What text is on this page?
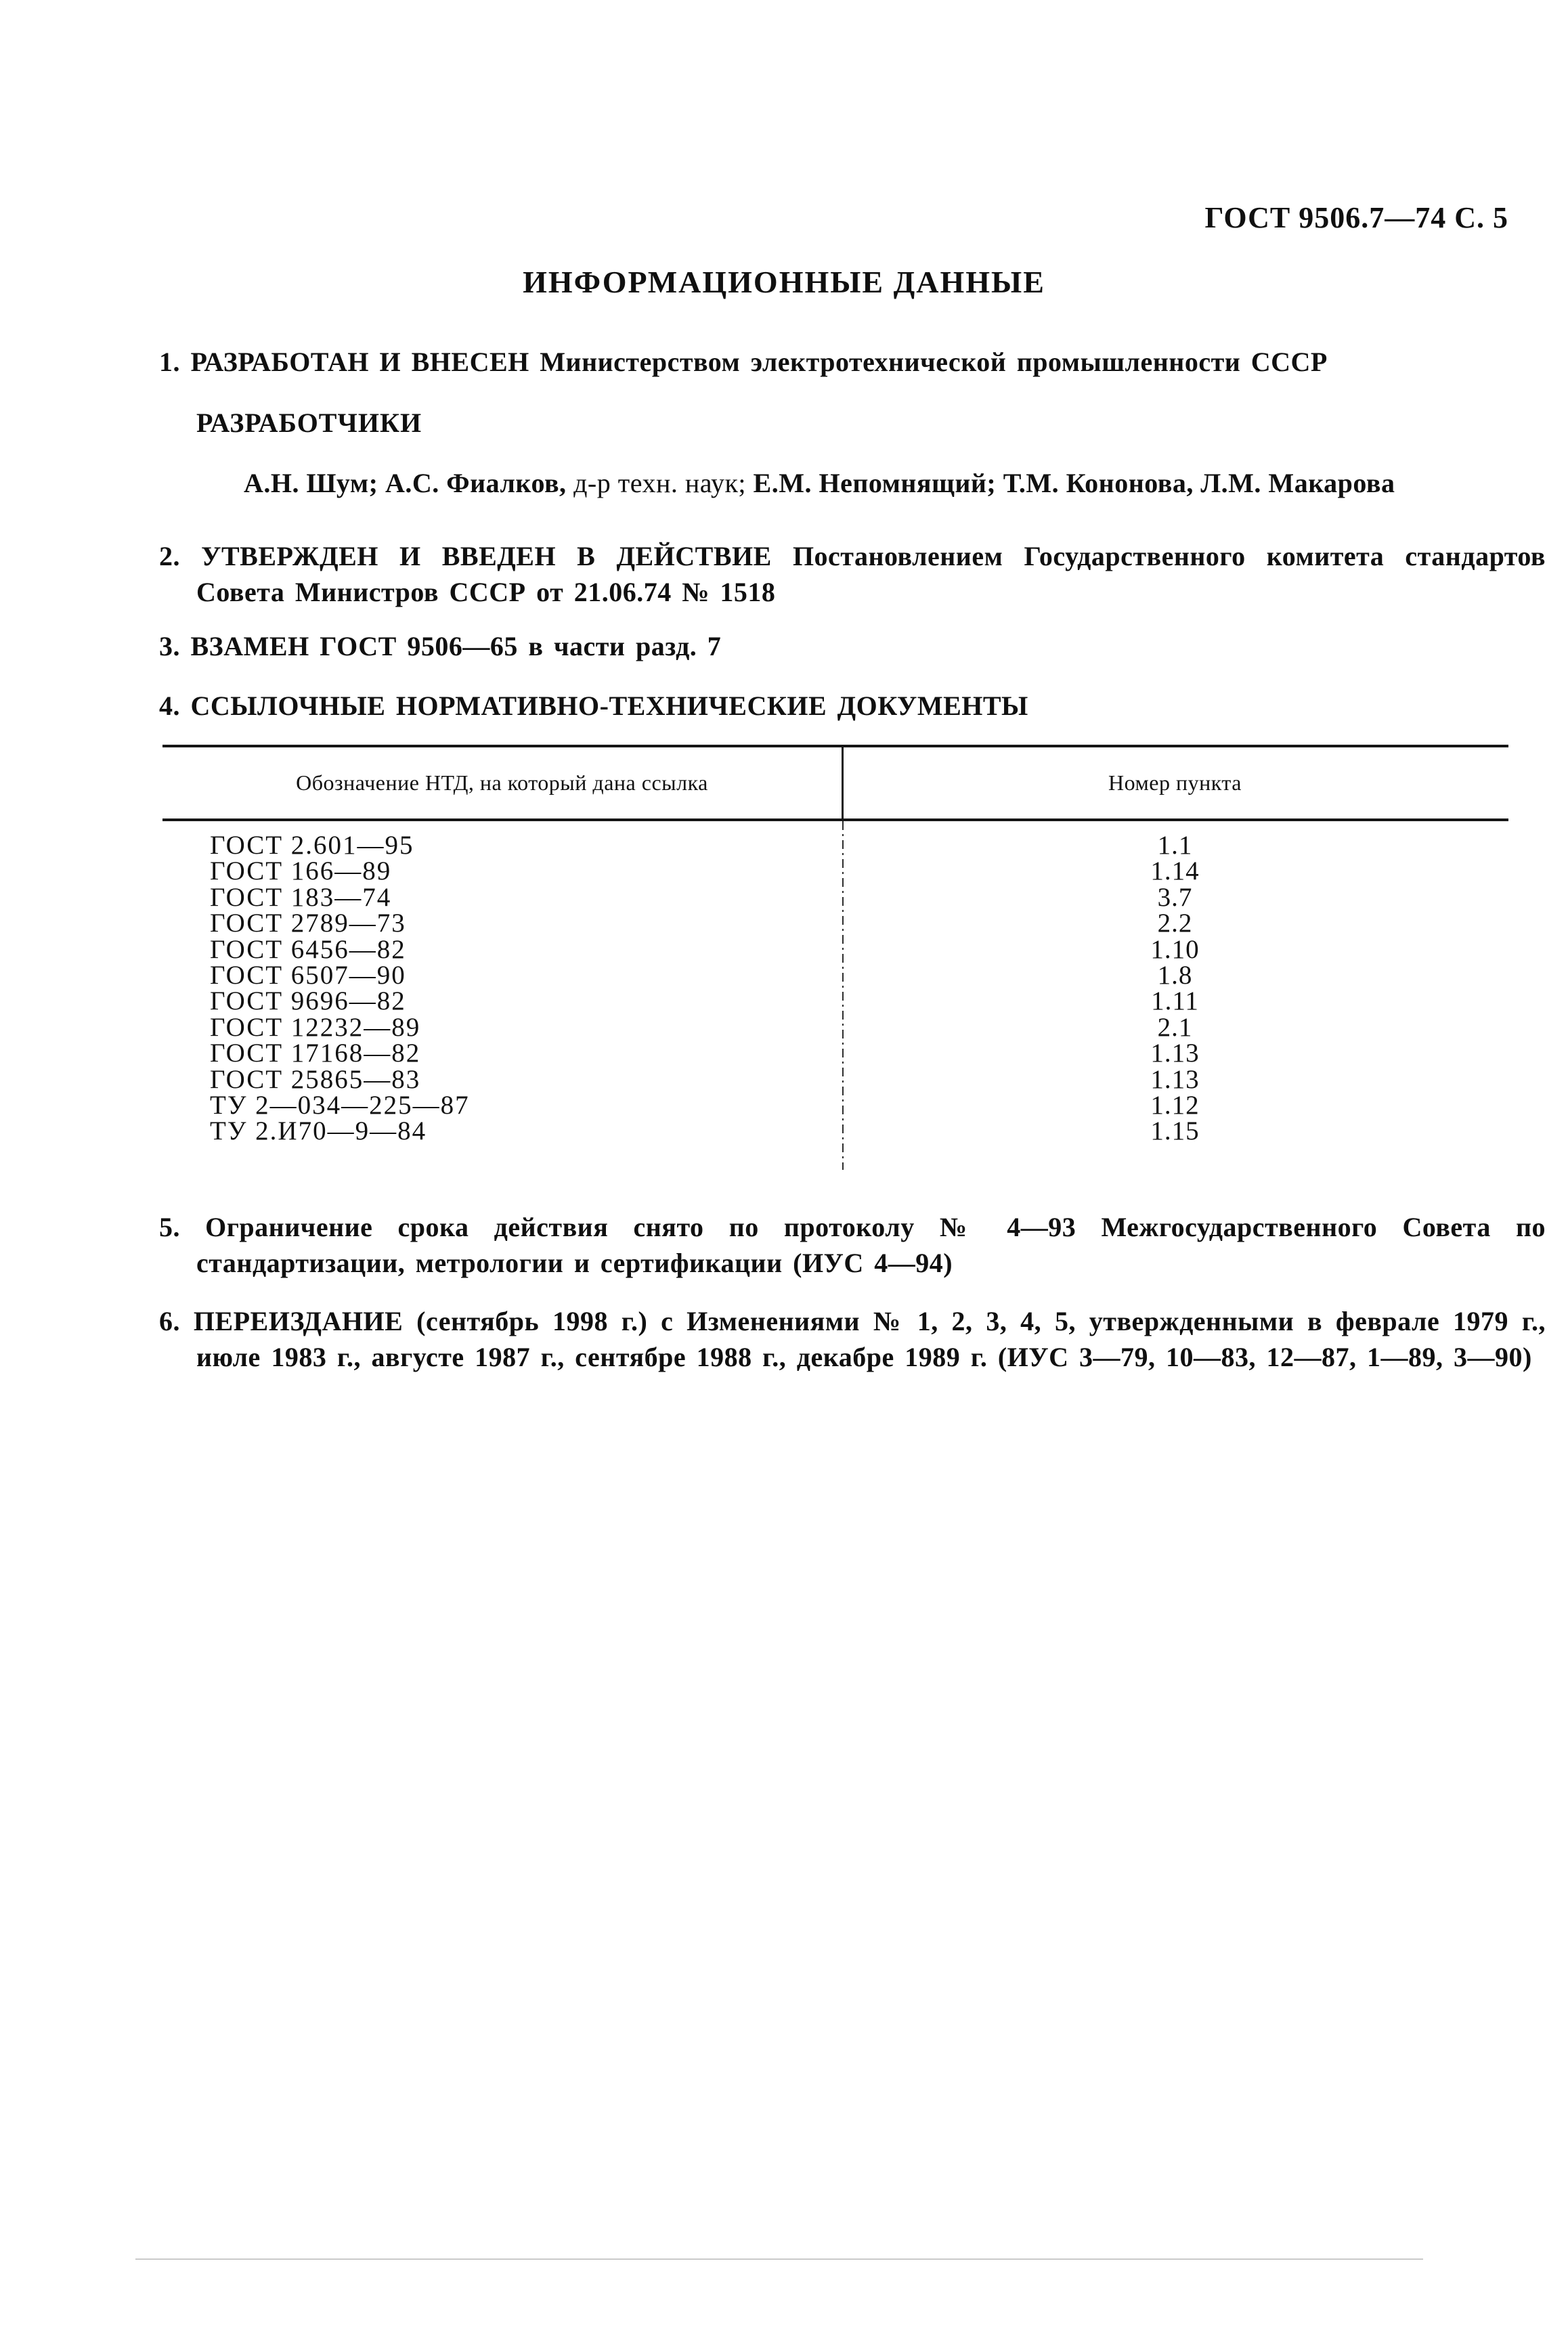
ГОСТ 9506.7—74 С. 5
ИНФОРМАЦИОННЫЕ ДАННЫЕ
1. РАЗРАБОТАН И ВНЕСЕН Министерством электротехнической промышленности СССР
РАЗРАБОТЧИКИ
А.Н. Шум; А.С. Фиалков, д-р техн. наук; Е.М. Непомнящий; Т.М. Кононова, Л.М. Макарова
2. УТВЕРЖДЕН И ВВЕДЕН В ДЕЙСТВИЕ Постановлением Государственного комитета стандартов Совета Министров СССР от 21.06.74 № 1518
3. ВЗАМЕН ГОСТ 9506—65 в части разд. 7
4. ССЫЛОЧНЫЕ НОРМАТИВНО-ТЕХНИЧЕСКИЕ ДОКУМЕНТЫ
Обозначение НТД, на который дана ссылка	Номер пункта
ГОСТ 2.601—95	1.1
ГОСТ 166—89	1.14
ГОСТ 183—74	3.7
ГОСТ 2789—73	2.2
ГОСТ 6456—82	1.10
ГОСТ 6507—90	1.8
ГОСТ 9696—82	1.11
ГОСТ 12232—89	2.1
ГОСТ 17168—82	1.13
ГОСТ 25865—83	1.13
ТУ 2—034—225—87	1.12
ТУ 2.И70—9—84	1.15
5. Ограничение срока действия снято по протоколу № 4—93 Межгосударственного Совета по стандартизации, метрологии и сертификации (ИУС 4—94)
6. ПЕРЕИЗДАНИЕ (сентябрь 1998 г.) с Изменениями № 1, 2, 3, 4, 5, утвержденными в феврале 1979 г., июле 1983 г., августе 1987 г., сентябре 1988 г., декабре 1989 г. (ИУС 3—79, 10—83, 12—87, 1—89, 3—90)
